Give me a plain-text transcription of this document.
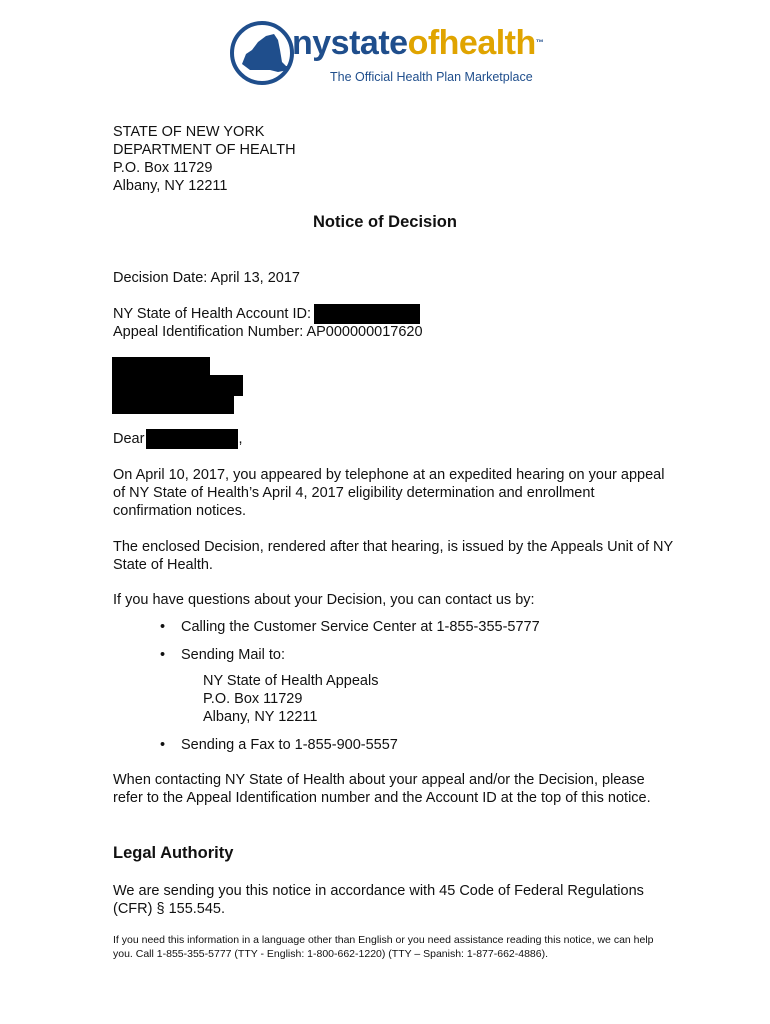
nystateofhealth™
The Official Health Plan Marketplace
STATE OF NEW YORK
DEPARTMENT OF HEALTH
P.O. Box 11729
Albany, NY 12211
Notice of Decision
Decision Date: April 13, 2017
NY State of Health Account ID:
Appeal Identification Number: AP000000017620
Dear	,
On April 10, 2017, you appeared by telephone at an expedited hearing on your appeal of NY State of Health’s April 4, 2017 eligibility determination and enrollment confirmation notices.
The enclosed Decision, rendered after that hearing, is issued by the Appeals Unit of NY State of Health.
If you have questions about your Decision, you can contact us by:
• Calling the Customer Service Center at 1-855-355-5777
• Sending Mail to:
NY State of Health Appeals
P.O. Box 11729
Albany, NY 12211
• Sending a Fax to 1-855-900-5557
When contacting NY State of Health about your appeal and/or the Decision, please refer to the Appeal Identification number and the Account ID at the top of this notice.
Legal Authority
We are sending you this notice in accordance with 45 Code of Federal Regulations (CFR) § 155.545.
If you need this information in a language other than English or you need assistance reading this notice, we can help you. Call 1-855-355-5777 (TTY - English: 1-800-662-1220) (TTY – Spanish: 1-877-662-4886).
